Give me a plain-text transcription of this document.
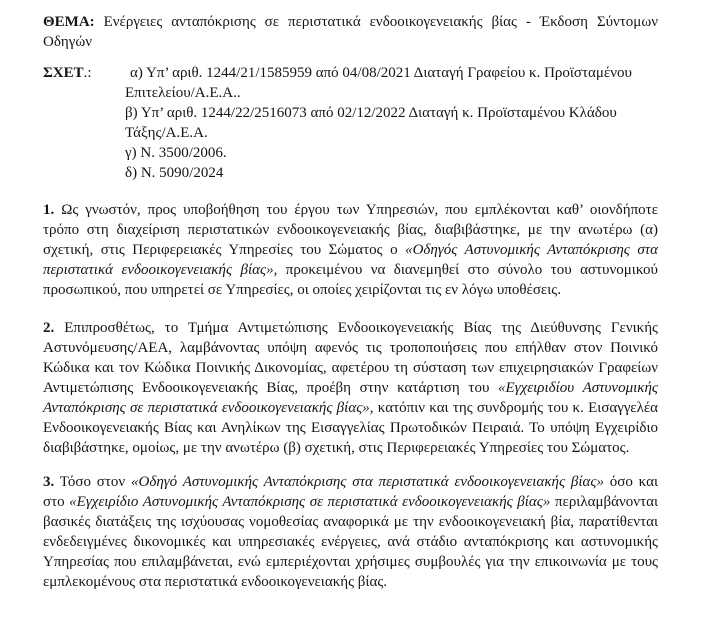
ΘΕΜΑ: Ενέργειες ανταπόκρισης σε περιστατικά ενδοοικογενειακής βίας - Έκδοση Σύντομων Οδηγών

ΣΧΕΤ.:	α) Υπ’ αριθ. 1244/21/1585959 από 04/08/2021 Διαταγή Γραφείου κ. Προϊσταμένου
Επιτελείου/Α.Ε.Α..
β) Υπ’ αριθ. 1244/22/2516073 από 02/12/2022 Διαταγή κ. Προϊσταμένου Κλάδου
Τάξης/Α.Ε.Α.
γ) Ν. 3500/2006.
δ) Ν. 5090/2024

1. Ως γνωστόν, προς υποβοήθηση του έργου των Υπηρεσιών, που εμπλέκονται καθ’ οιονδήποτε τρόπο στη διαχείριση περιστατικών ενδοοικογενειακής βίας, διαβιβάστηκε, με την ανωτέρω (α) σχετική, στις Περιφερειακές Υπηρεσίες του Σώματος ο «Οδηγός Αστυνομικής Ανταπόκρισης στα περιστατικά ενδοοικογενειακής βίας», προκειμένου να διανεμηθεί στο σύνολο του αστυνομικού προσωπικού, που υπηρετεί σε Υπηρεσίες, οι οποίες χειρίζονται τις εν λόγω υποθέσεις.

2. Επιπροσθέτως, το Τμήμα Αντιμετώπισης Ενδοοικογενειακής Βίας της Διεύθυνσης Γενικής Αστυνόμευσης/ΑΕΑ, λαμβάνοντας υπόψη αφενός τις τροποποιήσεις που επήλθαν στον Ποινικό Κώδικα και τον Κώδικα Ποινικής Δικονομίας, αφετέρου τη σύσταση των επιχειρησιακών Γραφείων Αντιμετώπισης Ενδοοικογενειακής Βίας, προέβη στην κατάρτιση του «Εγχειριδίου Αστυνομικής Ανταπόκρισης σε περιστατικά ενδοοικογενειακής βίας», κατόπιν και της συνδρομής του κ. Εισαγγελέα Ενδοοικογενειακής Βίας και Ανηλίκων της Εισαγγελίας Πρωτοδικών Πειραιά. Το υπόψη Εγχειρίδιο διαβιβάστηκε, ομοίως, με την ανωτέρω (β) σχετική, στις Περιφερειακές Υπηρεσίες του Σώματος.

3. Τόσο στον «Οδηγό Αστυνομικής Ανταπόκρισης στα περιστατικά ενδοοικογενειακής βίας» όσο και στο «Εγχειρίδιο Αστυνομικής Ανταπόκρισης σε περιστατικά ενδοοικογενειακής βίας» περιλαμβάνονται βασικές διατάξεις της ισχύουσας νομοθεσίας αναφορικά με την ενδοοικογενειακή βία, παρατίθενται ενδεδειγμένες δικονομικές και υπηρεσιακές ενέργειες, ανά στάδιο ανταπόκρισης και αστυνομικής Υπηρεσίας που επιλαμβάνεται, ενώ εμπεριέχονται χρήσιμες συμβουλές για την επικοινωνία με τους εμπλεκομένους στα περιστατικά ενδοοικογενειακής βίας.
